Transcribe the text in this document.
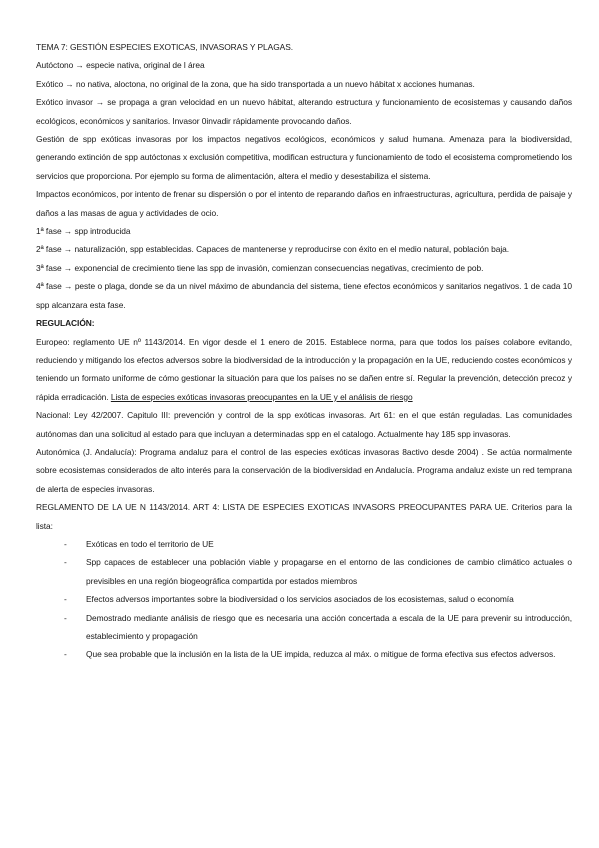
TEMA 7: GESTIÓN ESPECIES EXOTICAS, INVASORAS Y PLAGAS.

Autóctono → especie nativa, original de l área

Exótico → no nativa, aloctona, no original de la zona, que ha sido transportada a un nuevo hábitat x acciones humanas.

Exótico invasor → se propaga a gran velocidad en un nuevo hábitat, alterando estructura y funcionamiento de ecosistemas y causando daños ecológicos, económicos y sanitarios. Invasor 0invadir rápidamente provocando daños.

Gestión de spp exóticas invasoras por los impactos negativos ecológicos, económicos y salud humana. Amenaza para la biodiversidad, generando extinción de spp autóctonas x exclusión competitiva, modifican estructura y funcionamiento de todo el ecosistema comprometiendo los servicios que proporciona. Por ejemplo su forma de alimentación, altera el medio y desestabiliza el sistema.

Impactos económicos, por intento de frenar su dispersión o por el intento de reparando daños en infraestructuras, agricultura, perdida de paisaje y daños a las masas de agua y actividades de ocio.

1ª fase → spp introducida

2ª fase → naturalización, spp establecidas. Capaces de mantenerse y reproducirse con éxito en el medio natural, población baja.

3ª fase → exponencial de crecimiento tiene las spp de invasión, comienzan consecuencias negativas, crecimiento de pob.

4ª fase → peste o plaga, donde se da un nivel máximo de abundancia del sistema, tiene efectos económicos y sanitarios negativos. 1 de cada 10 spp alcanzara esta fase.

REGULACIÓN:

Europeo: reglamento UE nº 1143/2014. En vigor desde el 1 enero de 2015. Establece norma, para que todos los países colabore evitando, reduciendo y mitigando los efectos adversos sobre la biodiversidad de la introducción y la propagación en la UE, reduciendo costes económicos y teniendo un formato uniforme de cómo gestionar la situación para que los países no se dañen entre sí. Regular la prevención, detección precoz y rápida erradicación. Lista de especies exóticas invasoras preocupantes en la UE y el análisis de riesgo

Nacional: Ley 42/2007. Capitulo III: prevención y control de la spp exóticas invasoras. Art 61: en el que están reguladas. Las comunidades autónomas dan una solicitud al estado para que incluyan a determinadas spp en el catalogo. Actualmente hay 185 spp invasoras.

Autonómica (J. Andalucía): Programa andaluz para el control de las especies exóticas invasoras 8activo desde 2004) . Se actúa normalmente sobre ecosistemas considerados de alto interés para la conservación de la biodiversidad en Andalucía. Programa andaluz existe un red temprana de alerta de especies invasoras.

REGLAMENTO DE LA UE N 1143/2014. ART 4: LISTA DE ESPECIES EXOTICAS INVASORS PREOCUPANTES PARA UE. Criterios para la lista:

- Exóticas en todo el territorio de UE
- Spp capaces de establecer una población viable y propagarse en el entorno de las condiciones de cambio climático actuales o previsibles en una región biogeográfica compartida por estados miembros
- Efectos adversos importantes sobre la biodiversidad o los servicios asociados de los ecosistemas, salud o economía
- Demostrado mediante análisis de riesgo que es necesaria una acción concertada a escala de la UE para prevenir su introducción, establecimiento y propagación
- Que sea probable que la inclusión en la lista de la UE impida, reduzca al máx. o mitigue de forma efectiva sus efectos adversos.
